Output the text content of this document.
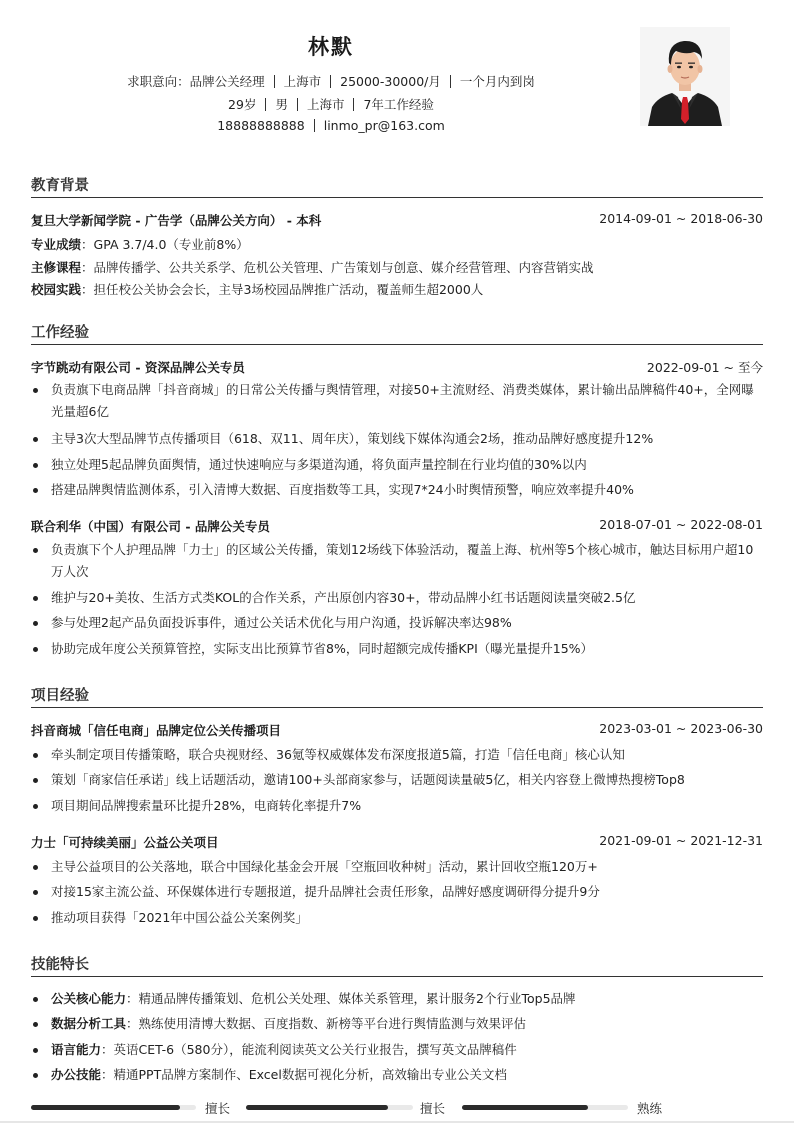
林默
求职意向：品牌公关经理 上海市 25000-30000/月 一个月内到岗
29岁 男 上海市 7年工作经验
18888888888 linmo_pr@163.com
教育背景
复旦大学新闻学院 - 广告学（品牌公关方向） - 本科	2014-09-01 ~ 2018-06-30
专业成绩：GPA 3.7/4.0（专业前8%）
主修课程：品牌传播学、公共关系学、危机公关管理、广告策划与创意、媒介经营管理、内容营销实战
校园实践：担任校公关协会会长，主导3场校园品牌推广活动，覆盖师生超2000人
工作经验
字节跳动有限公司 - 资深品牌公关专员	2022-09-01 ~ 至今
负责旗下电商品牌「抖音商城」的日常公关传播与舆情管理，对接50+主流财经、消费类媒体，累计输出品牌稿件40+，全网曝光量超6亿
主导3次大型品牌节点传播项目（618、双11、周年庆），策划线下媒体沟通会2场，推动品牌好感度提升12%
独立处理5起品牌负面舆情，通过快速响应与多渠道沟通，将负面声量控制在行业均值的30%以内
搭建品牌舆情监测体系，引入清博大数据、百度指数等工具，实现7*24小时舆情预警，响应效率提升40%
联合利华（中国）有限公司 - 品牌公关专员	2018-07-01 ~ 2022-08-01
负责旗下个人护理品牌「力士」的区域公关传播，策划12场线下体验活动，覆盖上海、杭州等5个核心城市，触达目标用户超10万人次
维护与20+美妆、生活方式类KOL的合作关系，产出原创内容30+，带动品牌小红书话题阅读量突破2.5亿
参与处理2起产品负面投诉事件，通过公关话术优化与用户沟通，投诉解决率达98%
协助完成年度公关预算管控，实际支出比预算节省8%，同时超额完成传播KPI（曝光量提升15%）
项目经验
抖音商城「信任电商」品牌定位公关传播项目	2023-03-01 ~ 2023-06-30
牵头制定项目传播策略，联合央视财经、36氪等权威媒体发布深度报道5篇，打造「信任电商」核心认知
策划「商家信任承诺」线上话题活动，邀请100+头部商家参与，话题阅读量破5亿，相关内容登上微博热搜榜Top8
项目期间品牌搜索量环比提升28%，电商转化率提升7%
力士「可持续美丽」公益公关项目	2021-09-01 ~ 2021-12-31
主导公益项目的公关落地，联合中国绿化基金会开展「空瓶回收种树」活动，累计回收空瓶120万+
对接15家主流公益、环保媒体进行专题报道，提升品牌社会责任形象，品牌好感度调研得分提升9分
推动项目获得「2021年中国公益公关案例奖」
技能特长
公关核心能力：精通品牌传播策划、危机公关处理、媒体关系管理，累计服务2个行业Top5品牌
数据分析工具：熟练使用清博大数据、百度指数、新榜等平台进行舆情监测与效果评估
语言能力：英语CET-6（580分），能流利阅读英文公关行业报告，撰写英文品牌稿件
办公技能：精通PPT品牌方案制作、Excel数据可视化分析，高效输出专业公关文档
擅长	擅长	熟练
